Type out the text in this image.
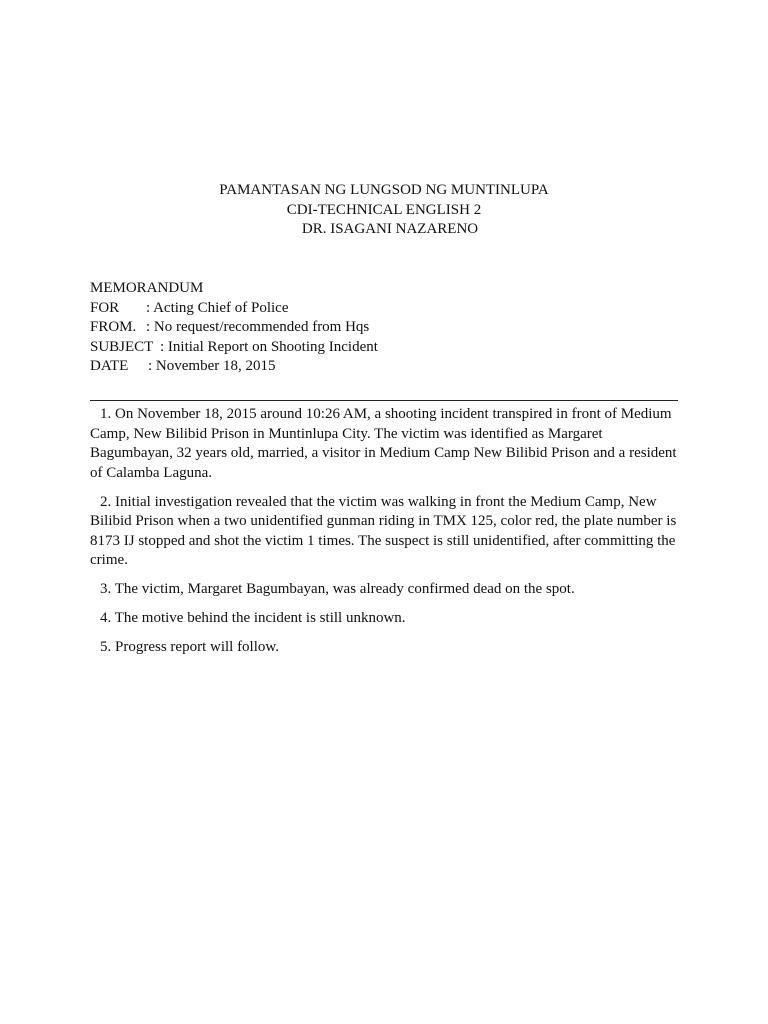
PAMANTASAN NG LUNGSOD NG MUNTINLUPA
CDI-TECHNICAL ENGLISH 2
DR. ISAGANI NAZARENO
MEMORANDUM
FOR	: Acting Chief of Police
FROM. : No request/recommended from Hqs
SUBJECT : Initial Report on Shooting Incident
DATE	: November 18, 2015

1. On November 18, 2015 around 10:26 AM, a shooting incident transpired in front of Medium Camp, New Bilibid Prison in Muntinlupa City. The victim was identified as Margaret Bagumbayan, 32 years old, married, a visitor in Medium Camp New Bilibid Prison and a resident of Calamba Laguna.

2. Initial investigation revealed that the victim was walking in front the Medium Camp, New Bilibid Prison when a two unidentified gunman riding in TMX 125, color red, the plate number is 8173 IJ stopped and shot the victim 1 times. The suspect is still unidentified, after committing the crime.

3. The victim, Margaret Bagumbayan, was already confirmed dead on the spot.

4. The motive behind the incident is still unknown.

5. Progress report will follow.
